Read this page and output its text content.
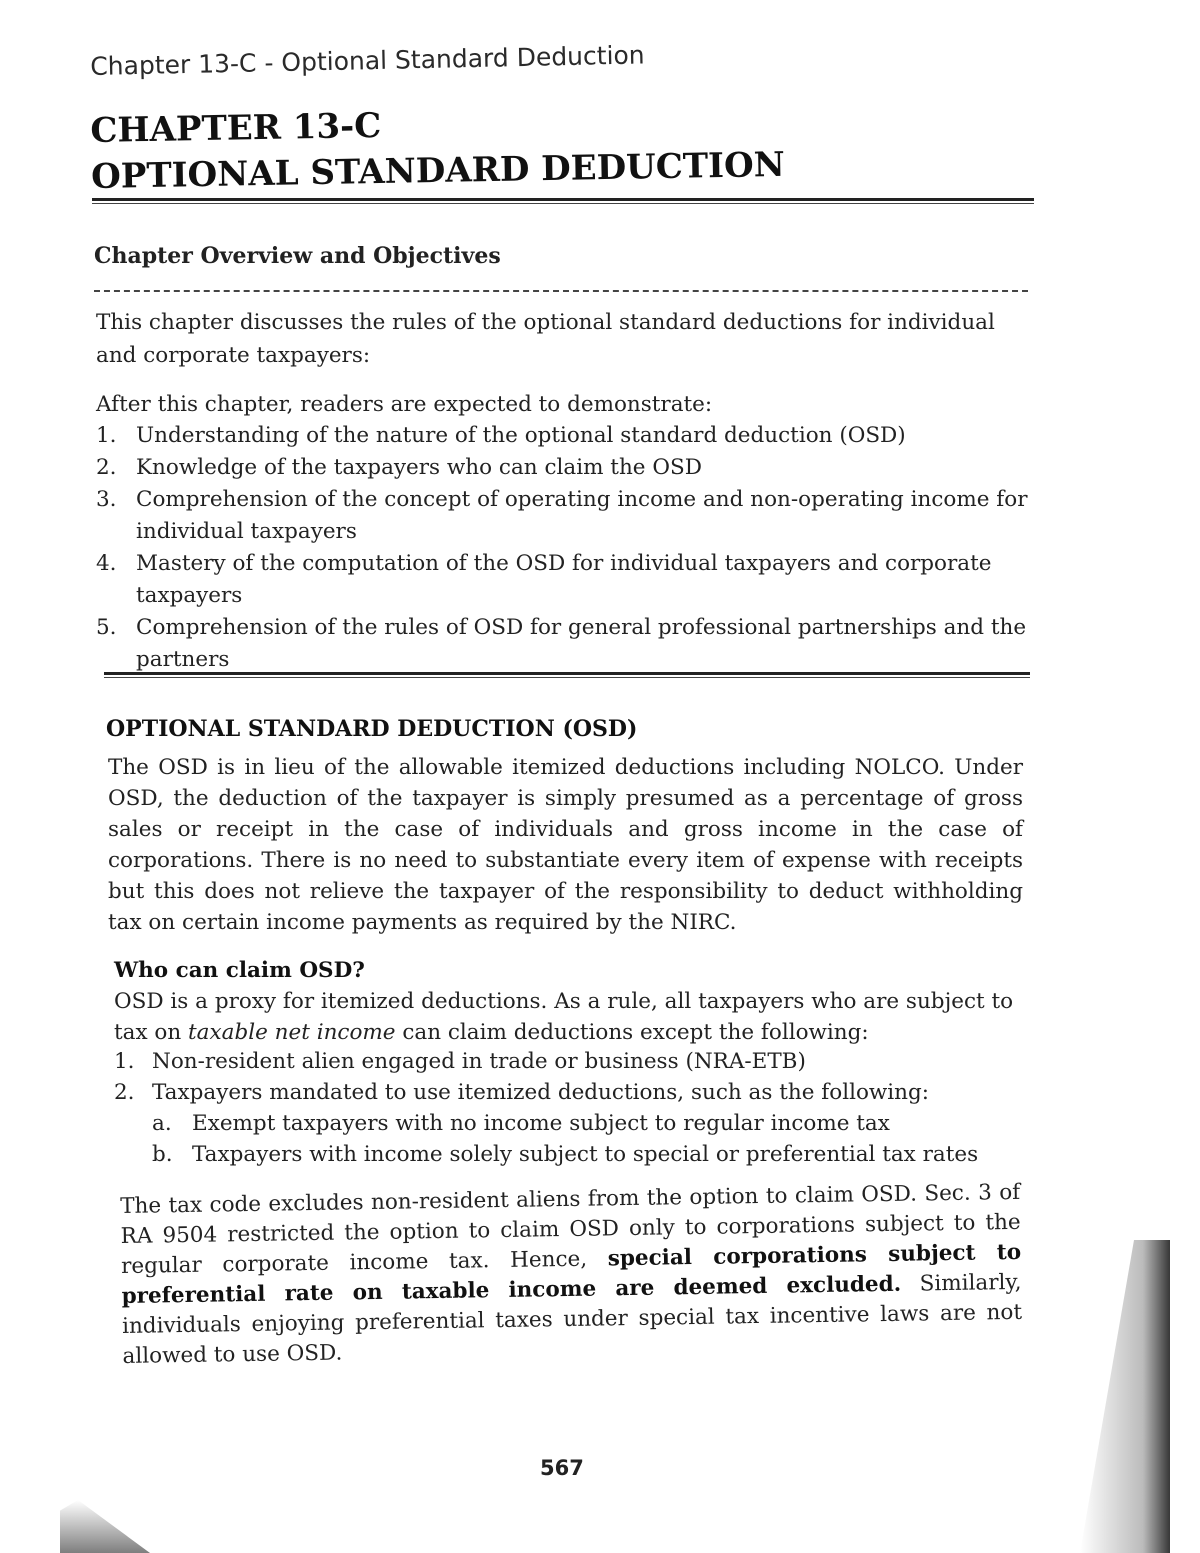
Chapter 13-C - Optional Standard Deduction
CHAPTER 13-C
OPTIONAL STANDARD DEDUCTION
Chapter Overview and Objectives

This chapter discusses the rules of the optional standard deductions for individual and corporate taxpayers:

After this chapter, readers are expected to demonstrate:

1. Understanding of the nature of the optional standard deduction (OSD)
2. Knowledge of the taxpayers who can claim the OSD
3. Comprehension of the concept of operating income and non-operating income for individual taxpayers
4. Mastery of the computation of the OSD for individual taxpayers and corporate taxpayers
5. Comprehension of the rules of OSD for general professional partnerships and the partners
OPTIONAL STANDARD DEDUCTION (OSD)

The OSD is in lieu of the allowable itemized deductions including NOLCO. Under OSD, the deduction of the taxpayer is simply presumed as a percentage of gross sales or receipt in the case of individuals and gross income in the case of corporations. There is no need to substantiate every item of expense with receipts but this does not relieve the taxpayer of the responsibility to deduct withholding tax on certain income payments as required by the NIRC.

Who can claim OSD?

OSD is a proxy for itemized deductions. As a rule, all taxpayers who are subject to tax on taxable net income can claim deductions except the following:

1. Non-resident alien engaged in trade or business (NRA-ETB)
2. Taxpayers mandated to use itemized deductions, such as the following:
a. Exempt taxpayers with no income subject to regular income tax
b. Taxpayers with income solely subject to special or preferential tax rates

The tax code excludes non-resident aliens from the option to claim OSD. Sec. 3 of RA 9504 restricted the option to claim OSD only to corporations subject to the regular corporate income tax. Hence, special corporations subject to preferential rate on taxable income are deemed excluded. Similarly, individuals enjoying preferential taxes under special tax incentive laws are not allowed to use OSD.

567
